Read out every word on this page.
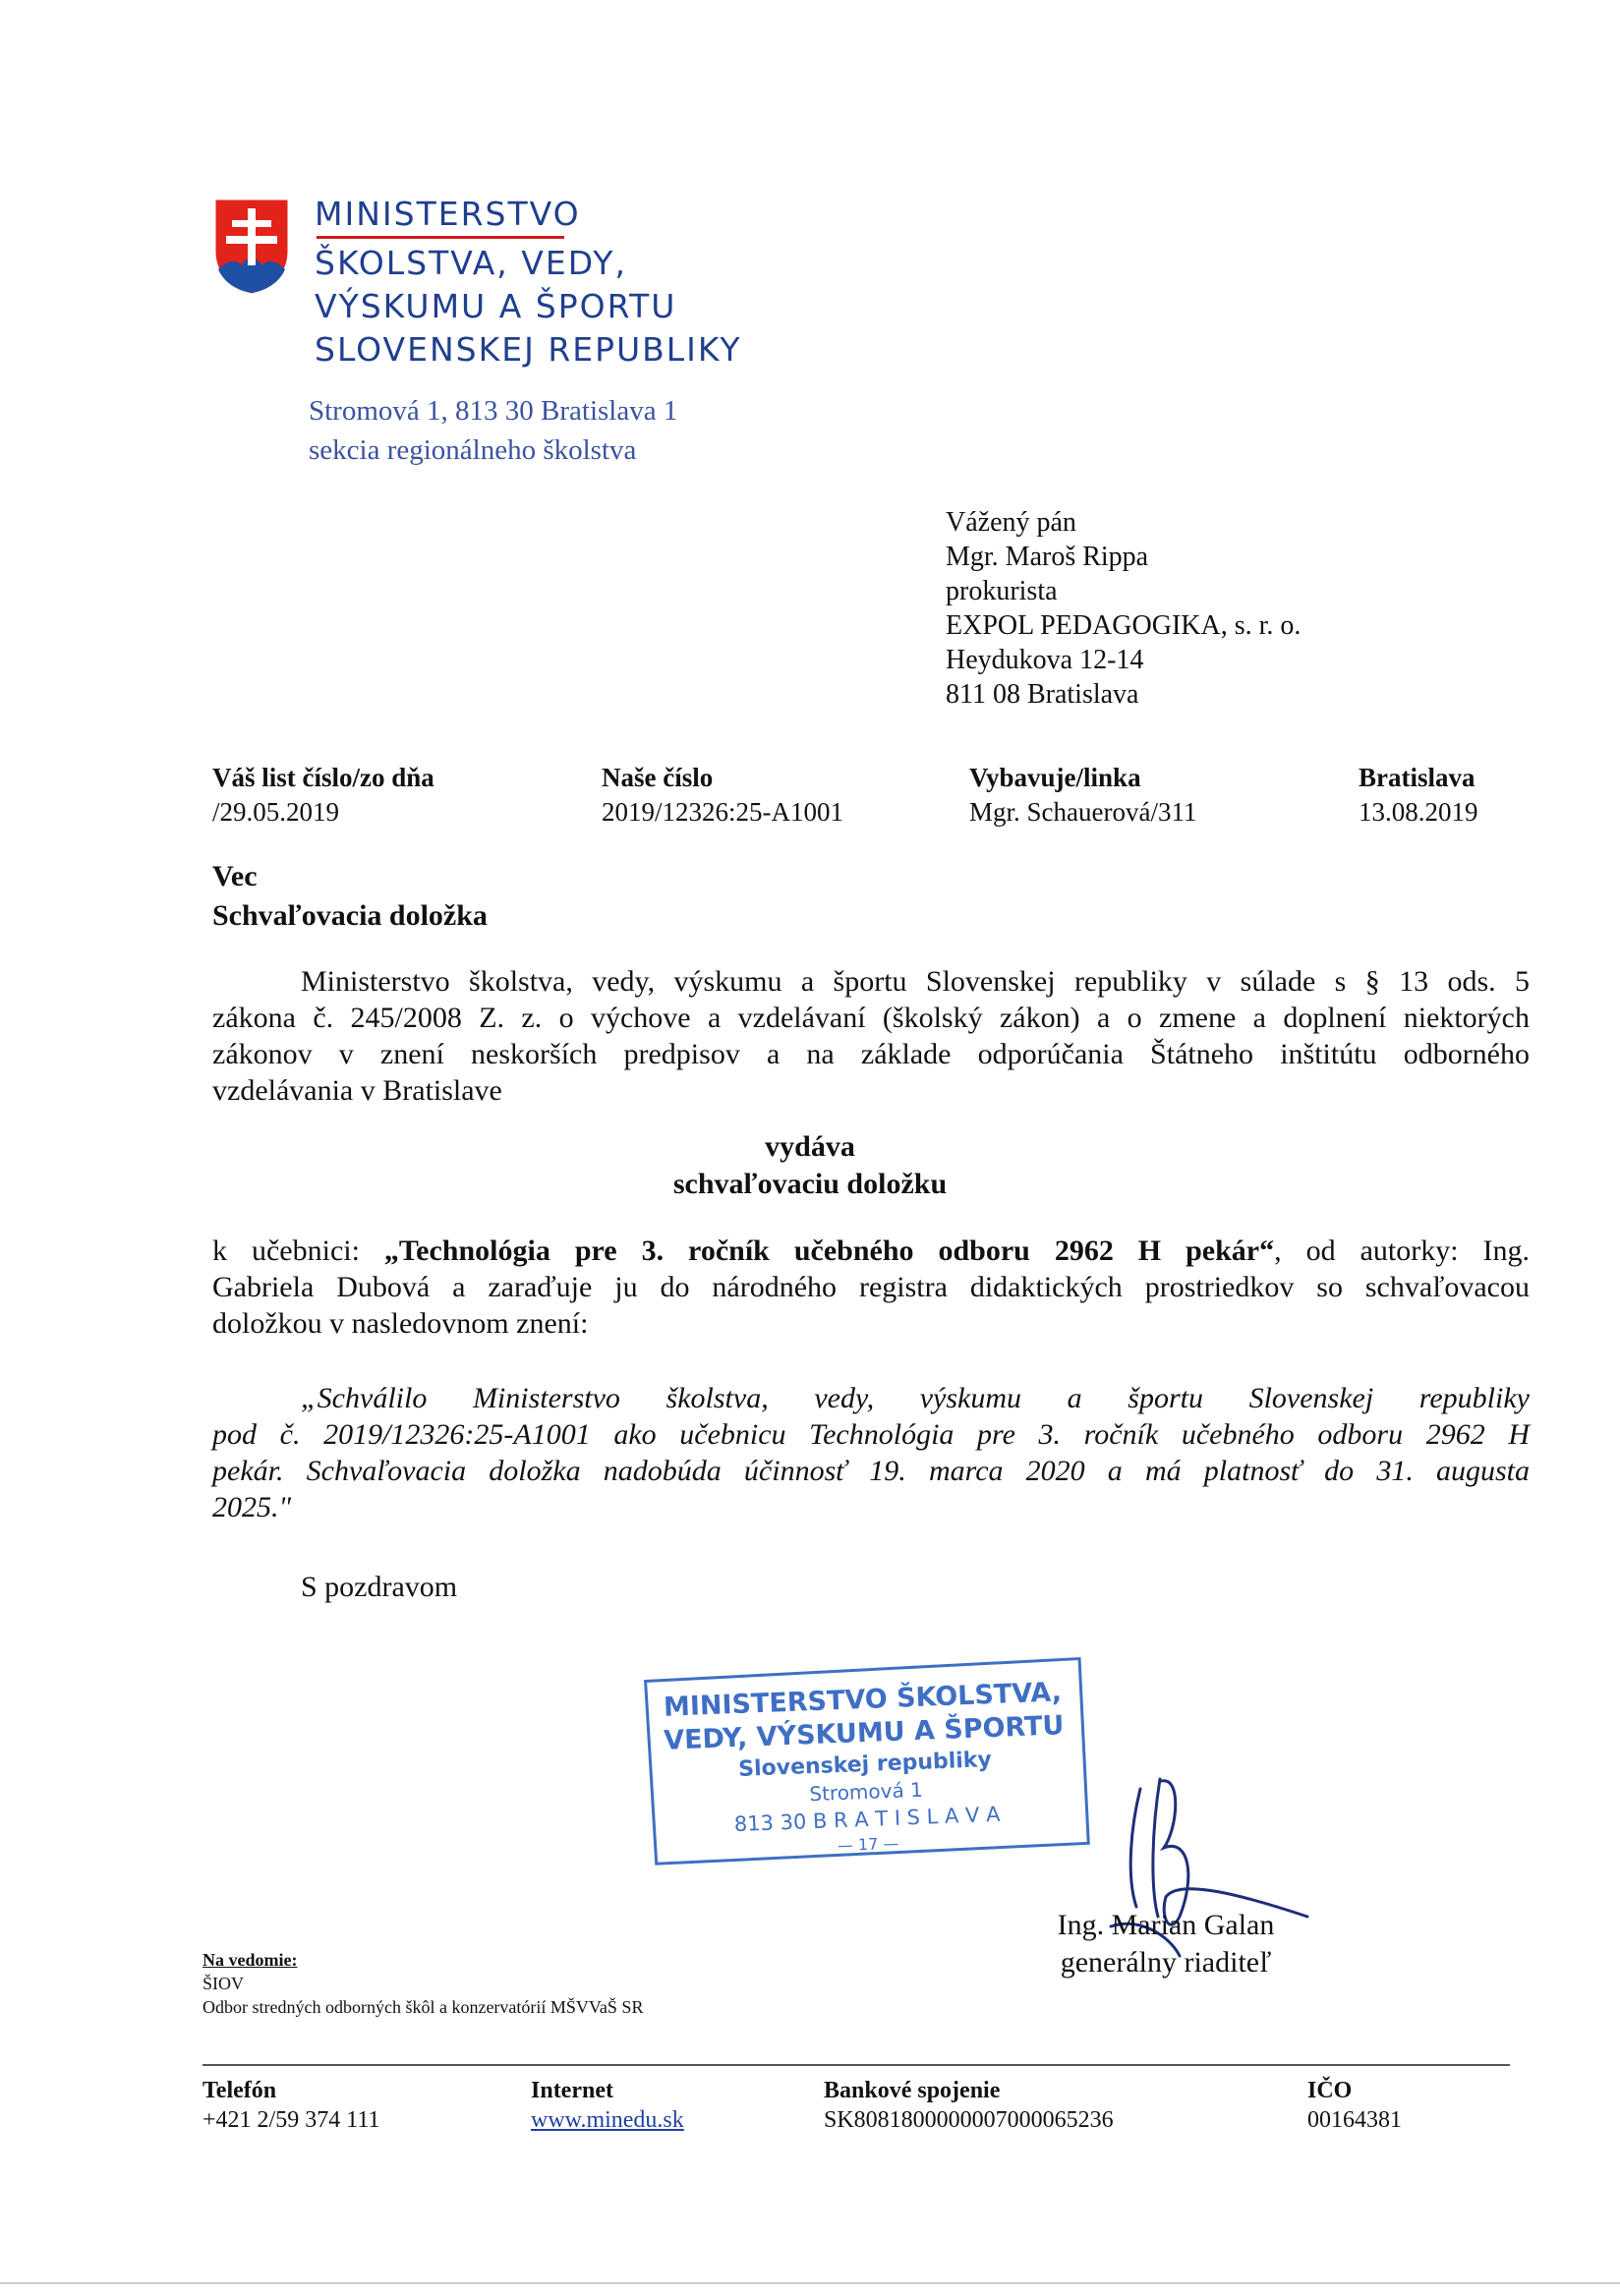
MINISTERSTVO
ŠKOLSTVA, VEDY,
VÝSKUMU A ŠPORTU
SLOVENSKEJ REPUBLIKY
Stromová 1, 813 30 Bratislava 1
sekcia regionálneho školstva
Vážený pán
Mgr. Maroš Rippa
prokurista
EXPOL PEDAGOGIKA, s. r. o.
Heydukova 12-14
811 08 Bratislava
Váš list číslo/zo dňa
/29.05.2019
Naše číslo
2019/12326:25-A1001
Vybavuje/linka
Mgr. Schauerová/311
Bratislava
13.08.2019
Vec
Schvaľovacia doložka
Ministerstvo školstva, vedy, výskumu a športu Slovenskej republiky v súlade s § 13 ods. 5
zákona č. 245/2008 Z. z. o výchove a vzdelávaní (školský zákon) a o zmene a doplnení niektorých
zákonov v znení neskorších predpisov a na základe odporúčania Štátneho inštitútu odborného
vzdelávania v Bratislave
vydáva
schvaľovaciu doložku
k učebnici: „Technológia pre 3. ročník učebného odboru 2962 H pekár“, od autorky: Ing.
Gabriela Dubová a zaraďuje ju do národného registra didaktických prostriedkov so schvaľovacou
doložkou v nasledovnom znení:
„Schválilo Ministerstvo školstva, vedy, výskumu a športu Slovenskej republiky
pod č. 2019/12326:25-A1001 ako učebnicu Technológia pre 3. ročník učebného odboru 2962 H
pekár. Schvaľovacia doložka nadobúda účinnosť 19. marca 2020 a má platnosť do 31. augusta
2025."
S pozdravom
MINISTERSTVO ŠKOLSTVA,
VEDY, VÝSKUMU A ŠPORTU
Slovenskej republiky
Stromová 1
813 30 B R A T I S L A V A
— 17 —
Ing. Marian Galan
generálny riaditeľ
Na vedomie:
ŠIOV
Odbor stredných odborných škôl a konzervatórií MŠVVaŠ SR
Telefón
+421 2/59 374 111
Internet
www.minedu.sk
Bankové spojenie
SK8081800000007000065236
IČO
00164381
